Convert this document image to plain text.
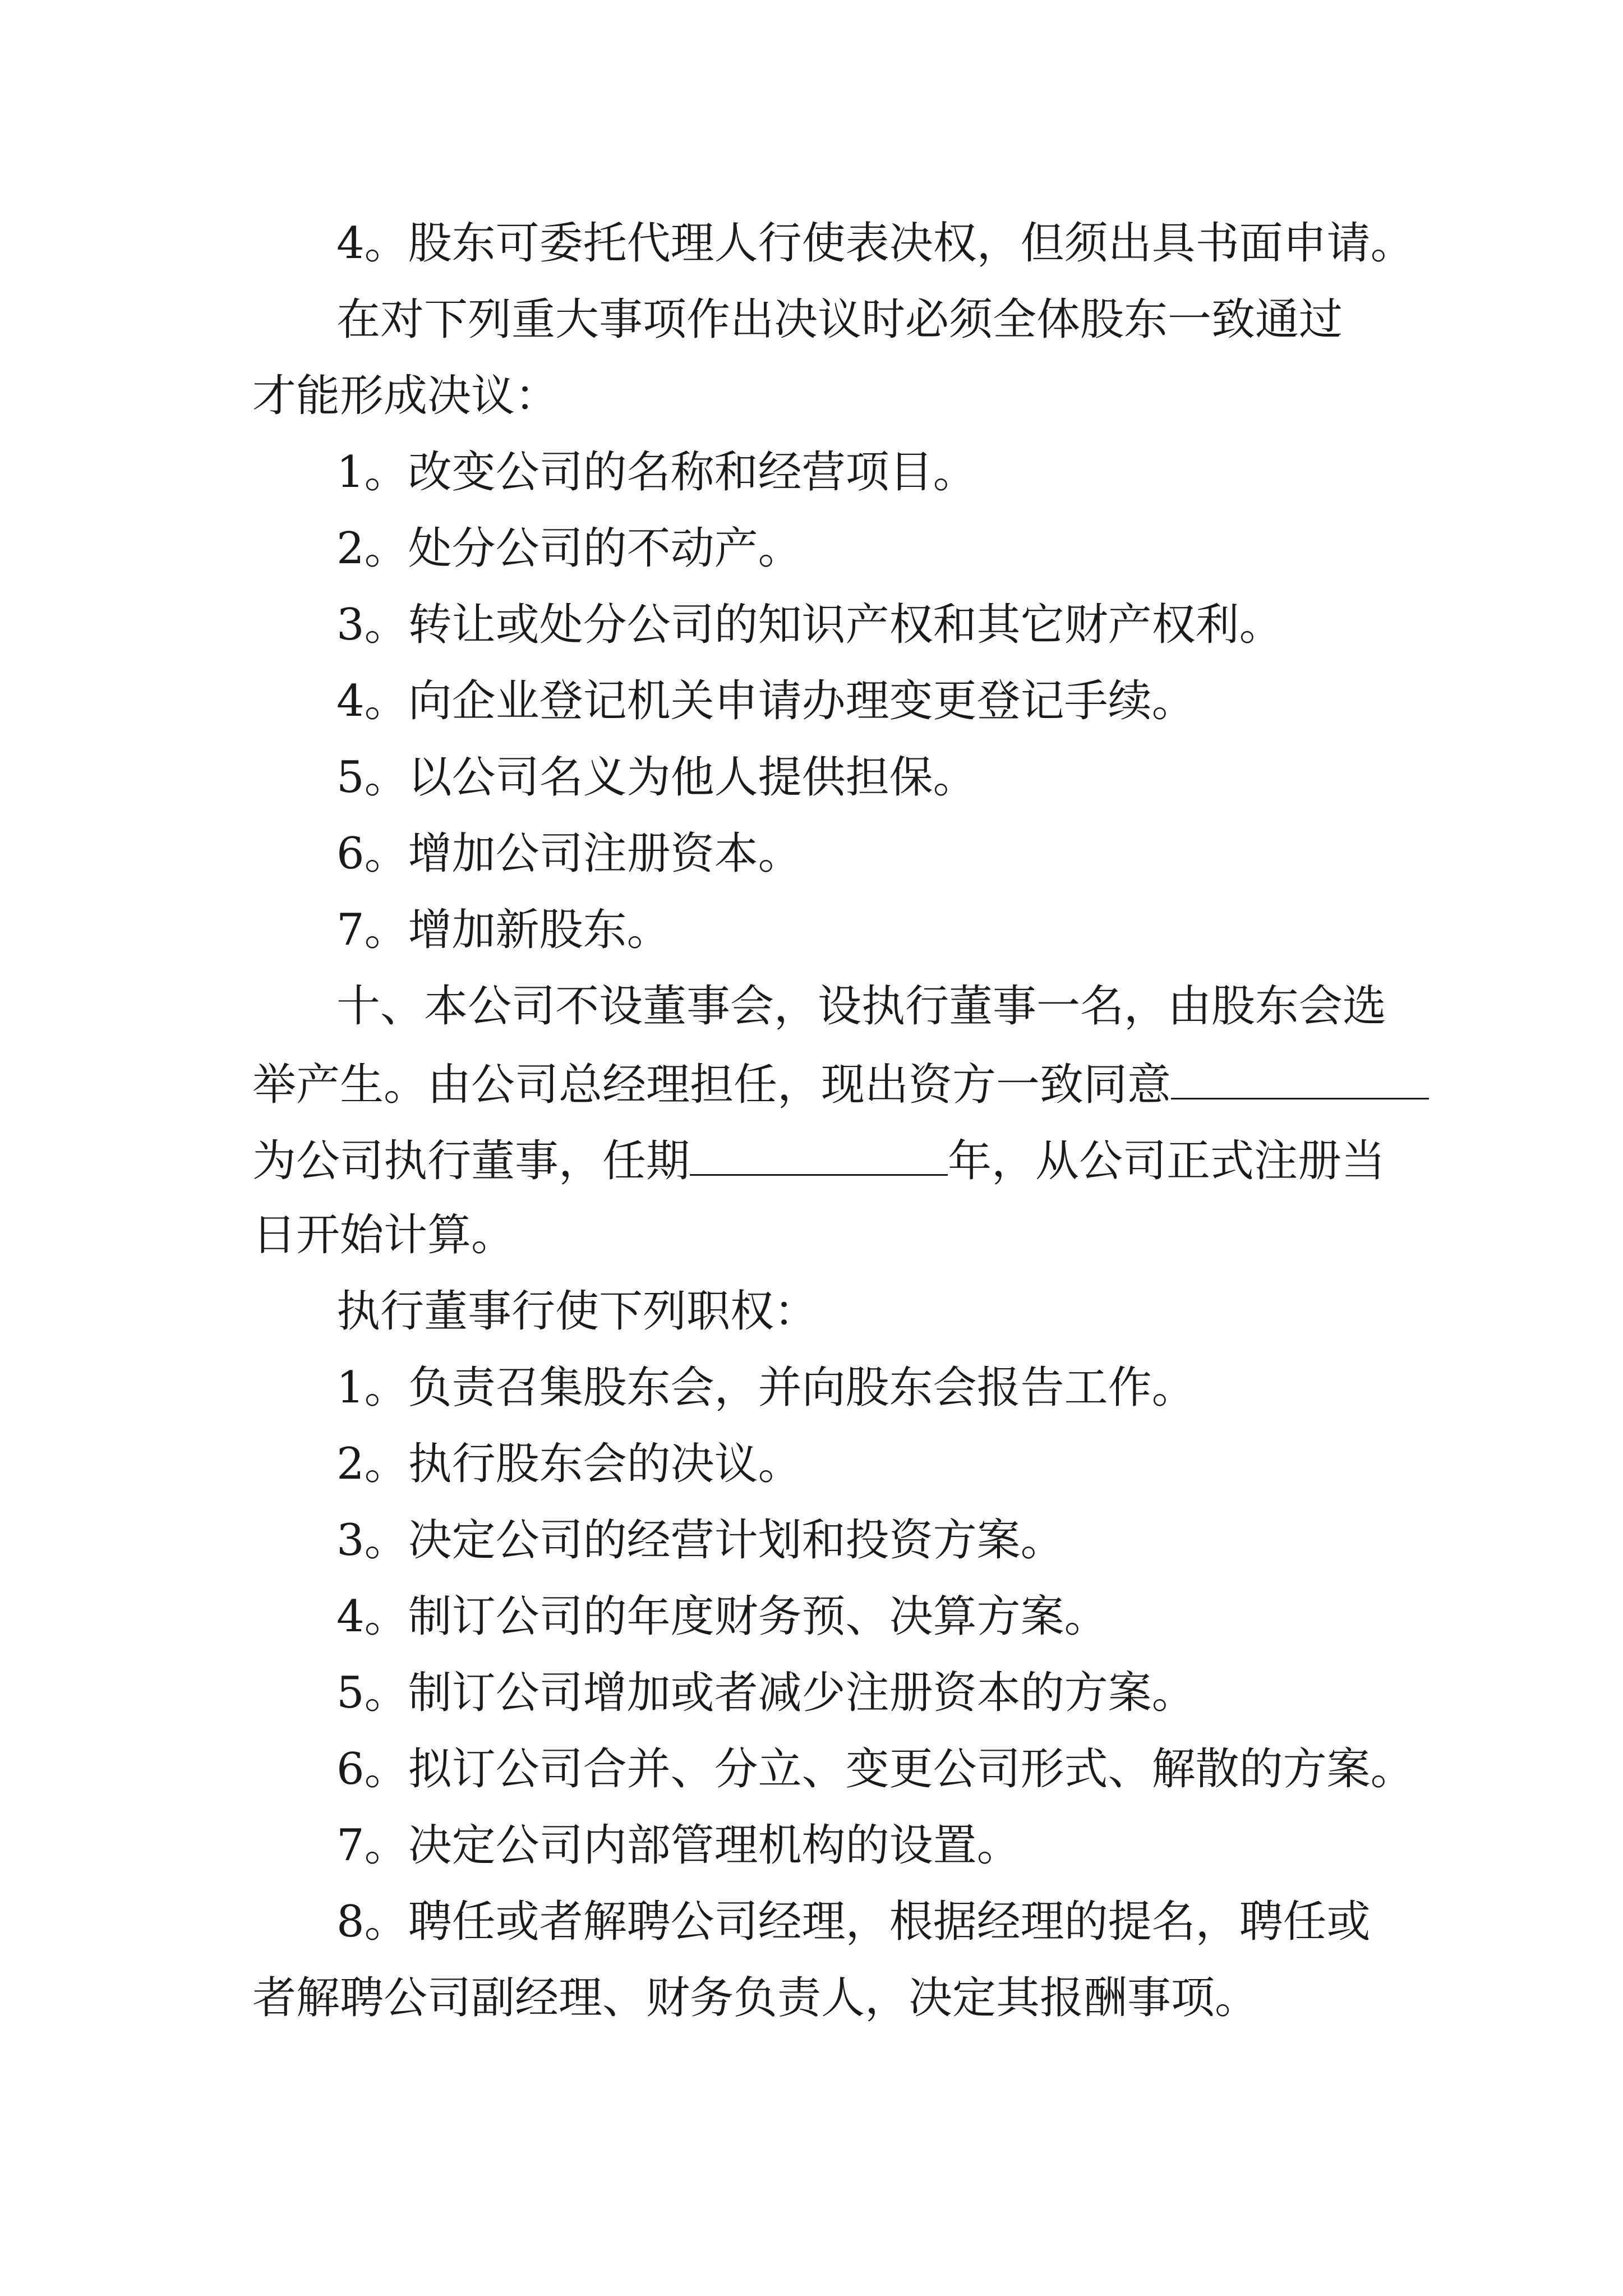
4。股东可委托代理人行使表决权，但须出具书面申请。

在对下列重大事项作出决议时必须全体股东一致通过

才能形成决议：

1。改变公司的名称和经营项目。

2。处分公司的不动产。

3。转让或处分公司的知识产权和其它财产权利。

4。向企业登记机关申请办理变更登记手续。

5。以公司名义为他人提供担保。

6。增加公司注册资本。

7。增加新股东。

十、本公司不设董事会，设执行董事一名，由股东会选

举产生。由公司总经理担任，现出资方一致同意

为公司执行董事，任期	年，从公司正式注册当

日开始计算。

执行董事行使下列职权：

1。负责召集股东会，并向股东会报告工作。

2。执行股东会的决议。

3。决定公司的经营计划和投资方案。

4。制订公司的年度财务预、决算方案。

5。制订公司增加或者减少注册资本的方案。

6。拟订公司合并、分立、变更公司形式、解散的方案。

7。决定公司内部管理机构的设置。

8。聘任或者解聘公司经理，根据经理的提名，聘任或

者解聘公司副经理、财务负责人，决定其报酬事项。
